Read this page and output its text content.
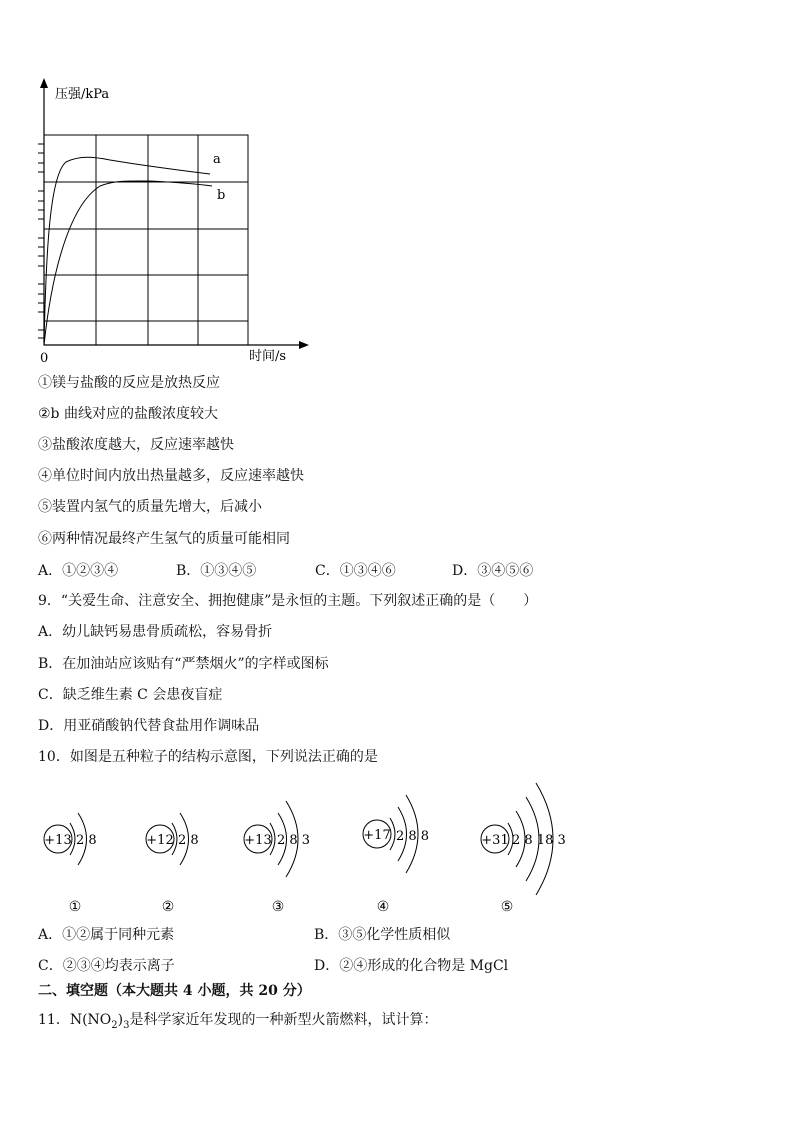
压强/kPa
时间/s
0
a
b
①镁与盐酸的反应是放热反应
②b 曲线对应的盐酸浓度较大
③盐酸浓度越大，反应速率越快
④单位时间内放出热量越多，反应速率越快
⑤装置内氢气的质量先增大，后减小
⑥两种情况最终产生氢气的质量可能相同
A．①②③④	B．①③④⑤	C．①③④⑥	D．③④⑤⑥
9．“关爱生命、注意安全、拥抱健康”是永恒的主题。下列叙述正确的是（　　）
A．幼儿缺钙易患骨质疏松，容易骨折
B．在加油站应该贴有“严禁烟火”的字样或图标
C．缺乏维生素 C 会患夜盲症
D．用亚硝酸钠代替食盐用作调味品
10．如图是五种粒子的结构示意图，下列说法正确的是
+13 2 8	+12 2 8	+13 2 8 3	+17 2 8 8	+31 2 8 18 3
①	②	③	④	⑤
A．①②属于同种元素	B．③⑤化学性质相似
C．②③④均表示离子	D．②④形成的化合物是 MgCl
二、填空题（本大题共 4 小题，共 20 分）
11．$N(NO_2)_3$是科学家近年发现的一种新型火箭燃料，试计算：
